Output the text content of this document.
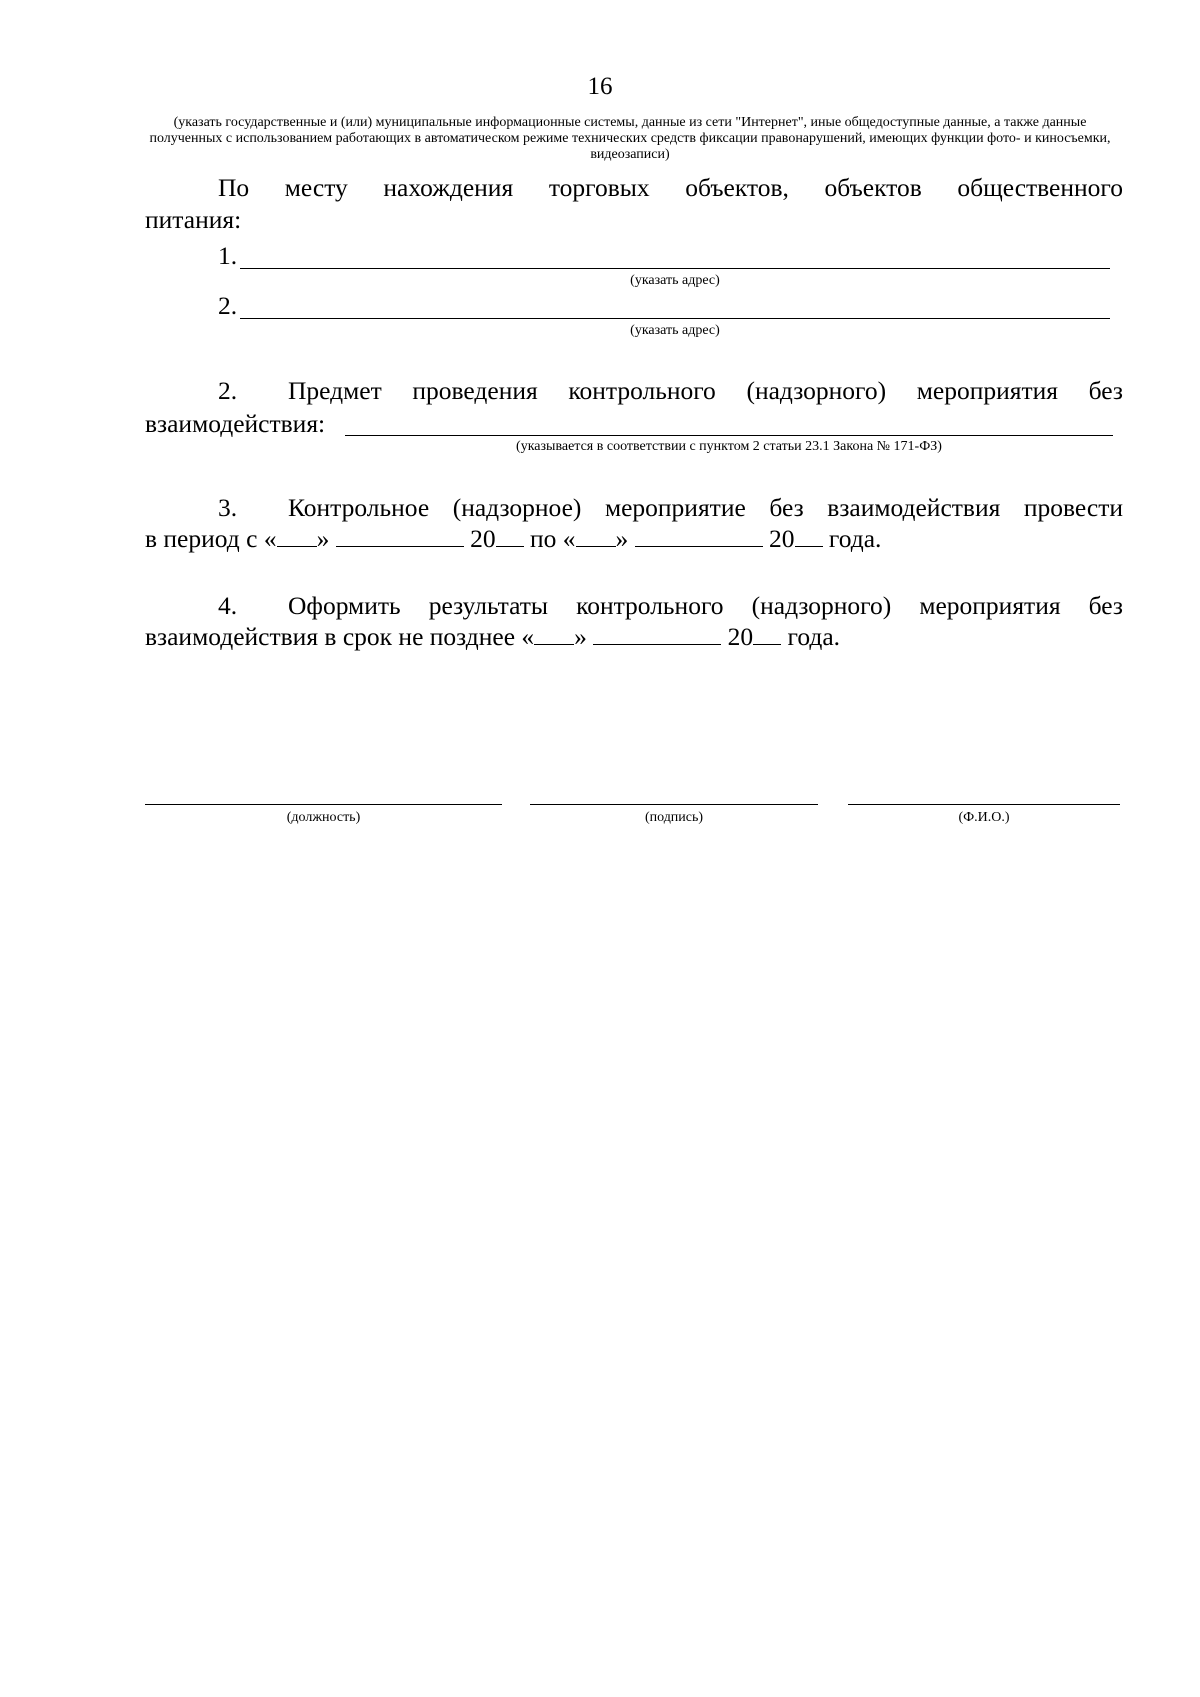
16
(указать государственные и (или) муниципальные информационные системы, данные из сети "Интернет", иные общедоступные данные, а также данные полученных с использованием работающих в автоматическом режиме технических средств фиксации правонарушений, имеющих функции фото- и киносъемки, видеозаписи)
По месту нахождения торговых объектов, объектов общественного
питания:
1.
(указать адрес)
2.
(указать адрес)
2. Предмет проведения контрольного (надзорного) мероприятия без
взаимодействия:
(указывается в соответствии с пунктом 2 статьи 23.1 Закона № 171-ФЗ)
3. Контрольное (надзорное) мероприятие без взаимодействия провести
в период с « »	20 по « »	20 года.
4. Оформить результаты контрольного (надзорного) мероприятия без
взаимодействия в срок не позднее « »	20 года.
(должность)	(подпись)	(Ф.И.О.)
